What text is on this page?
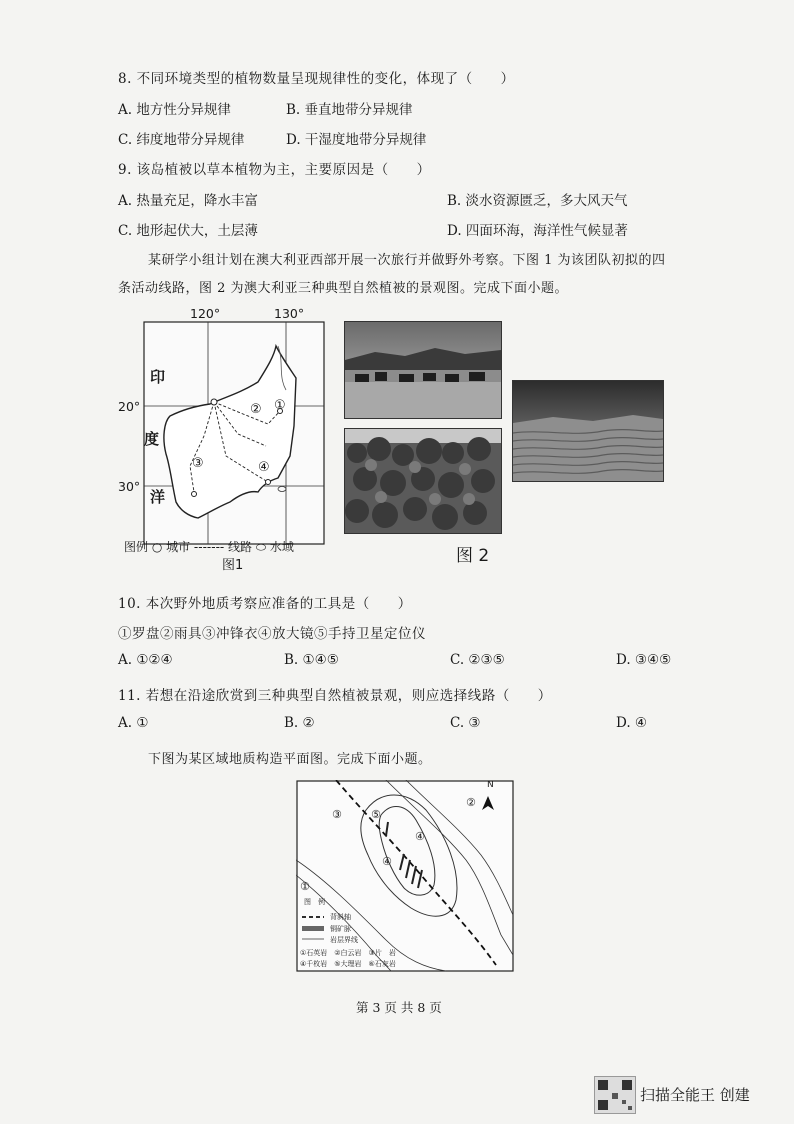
8. 不同环境类型的植物数量呈现规律性的变化，体现了（　　）
A. 地方性分异规律	B. 垂直地带分异规律
C. 纬度地带分异规律	D. 干湿度地带分异规律
9. 该岛植被以草本植物为主，主要原因是（　　）
A. 热量充足，降水丰富	B. 淡水资源匮乏，多大风天气
C. 地形起伏大，土层薄	D. 四面环海，海洋性气候显著
某研学小组计划在澳大利亚西部开展一次旅行并做野外考察。下图 1 为该团队初拟的四
条活动线路，图 2 为澳大利亚三种典型自然植被的景观图。完成下面小题。
120°	130°
20°
30°
印
度
洋
①
②
③	④
图例 ○ 城市 ------- 线路 ⬭ 水域
图1	图 2
10. 本次野外地质考察应准备的工具是（　　）
①罗盘②雨具③冲锋衣④放大镜⑤手持卫星定位仪
A. ①②④	B. ①④⑤	C. ②③⑤	D. ③④⑤
11. 若想在沿途欣赏到三种典型自然植被景观，则应选择线路（　　）
A. ①	B. ②	C. ③	D. ④
下图为某区域地质构造平面图。完成下面小题。
N
③
②
⑤
④
④
①
图　例
背斜轴
铜矿脉
岩层界线
①石英岩　②白云岩　③片　岩
④千枚岩　⑤大理岩　⑥石灰岩
第 3 页 共 8 页
扫描全能王 创建
